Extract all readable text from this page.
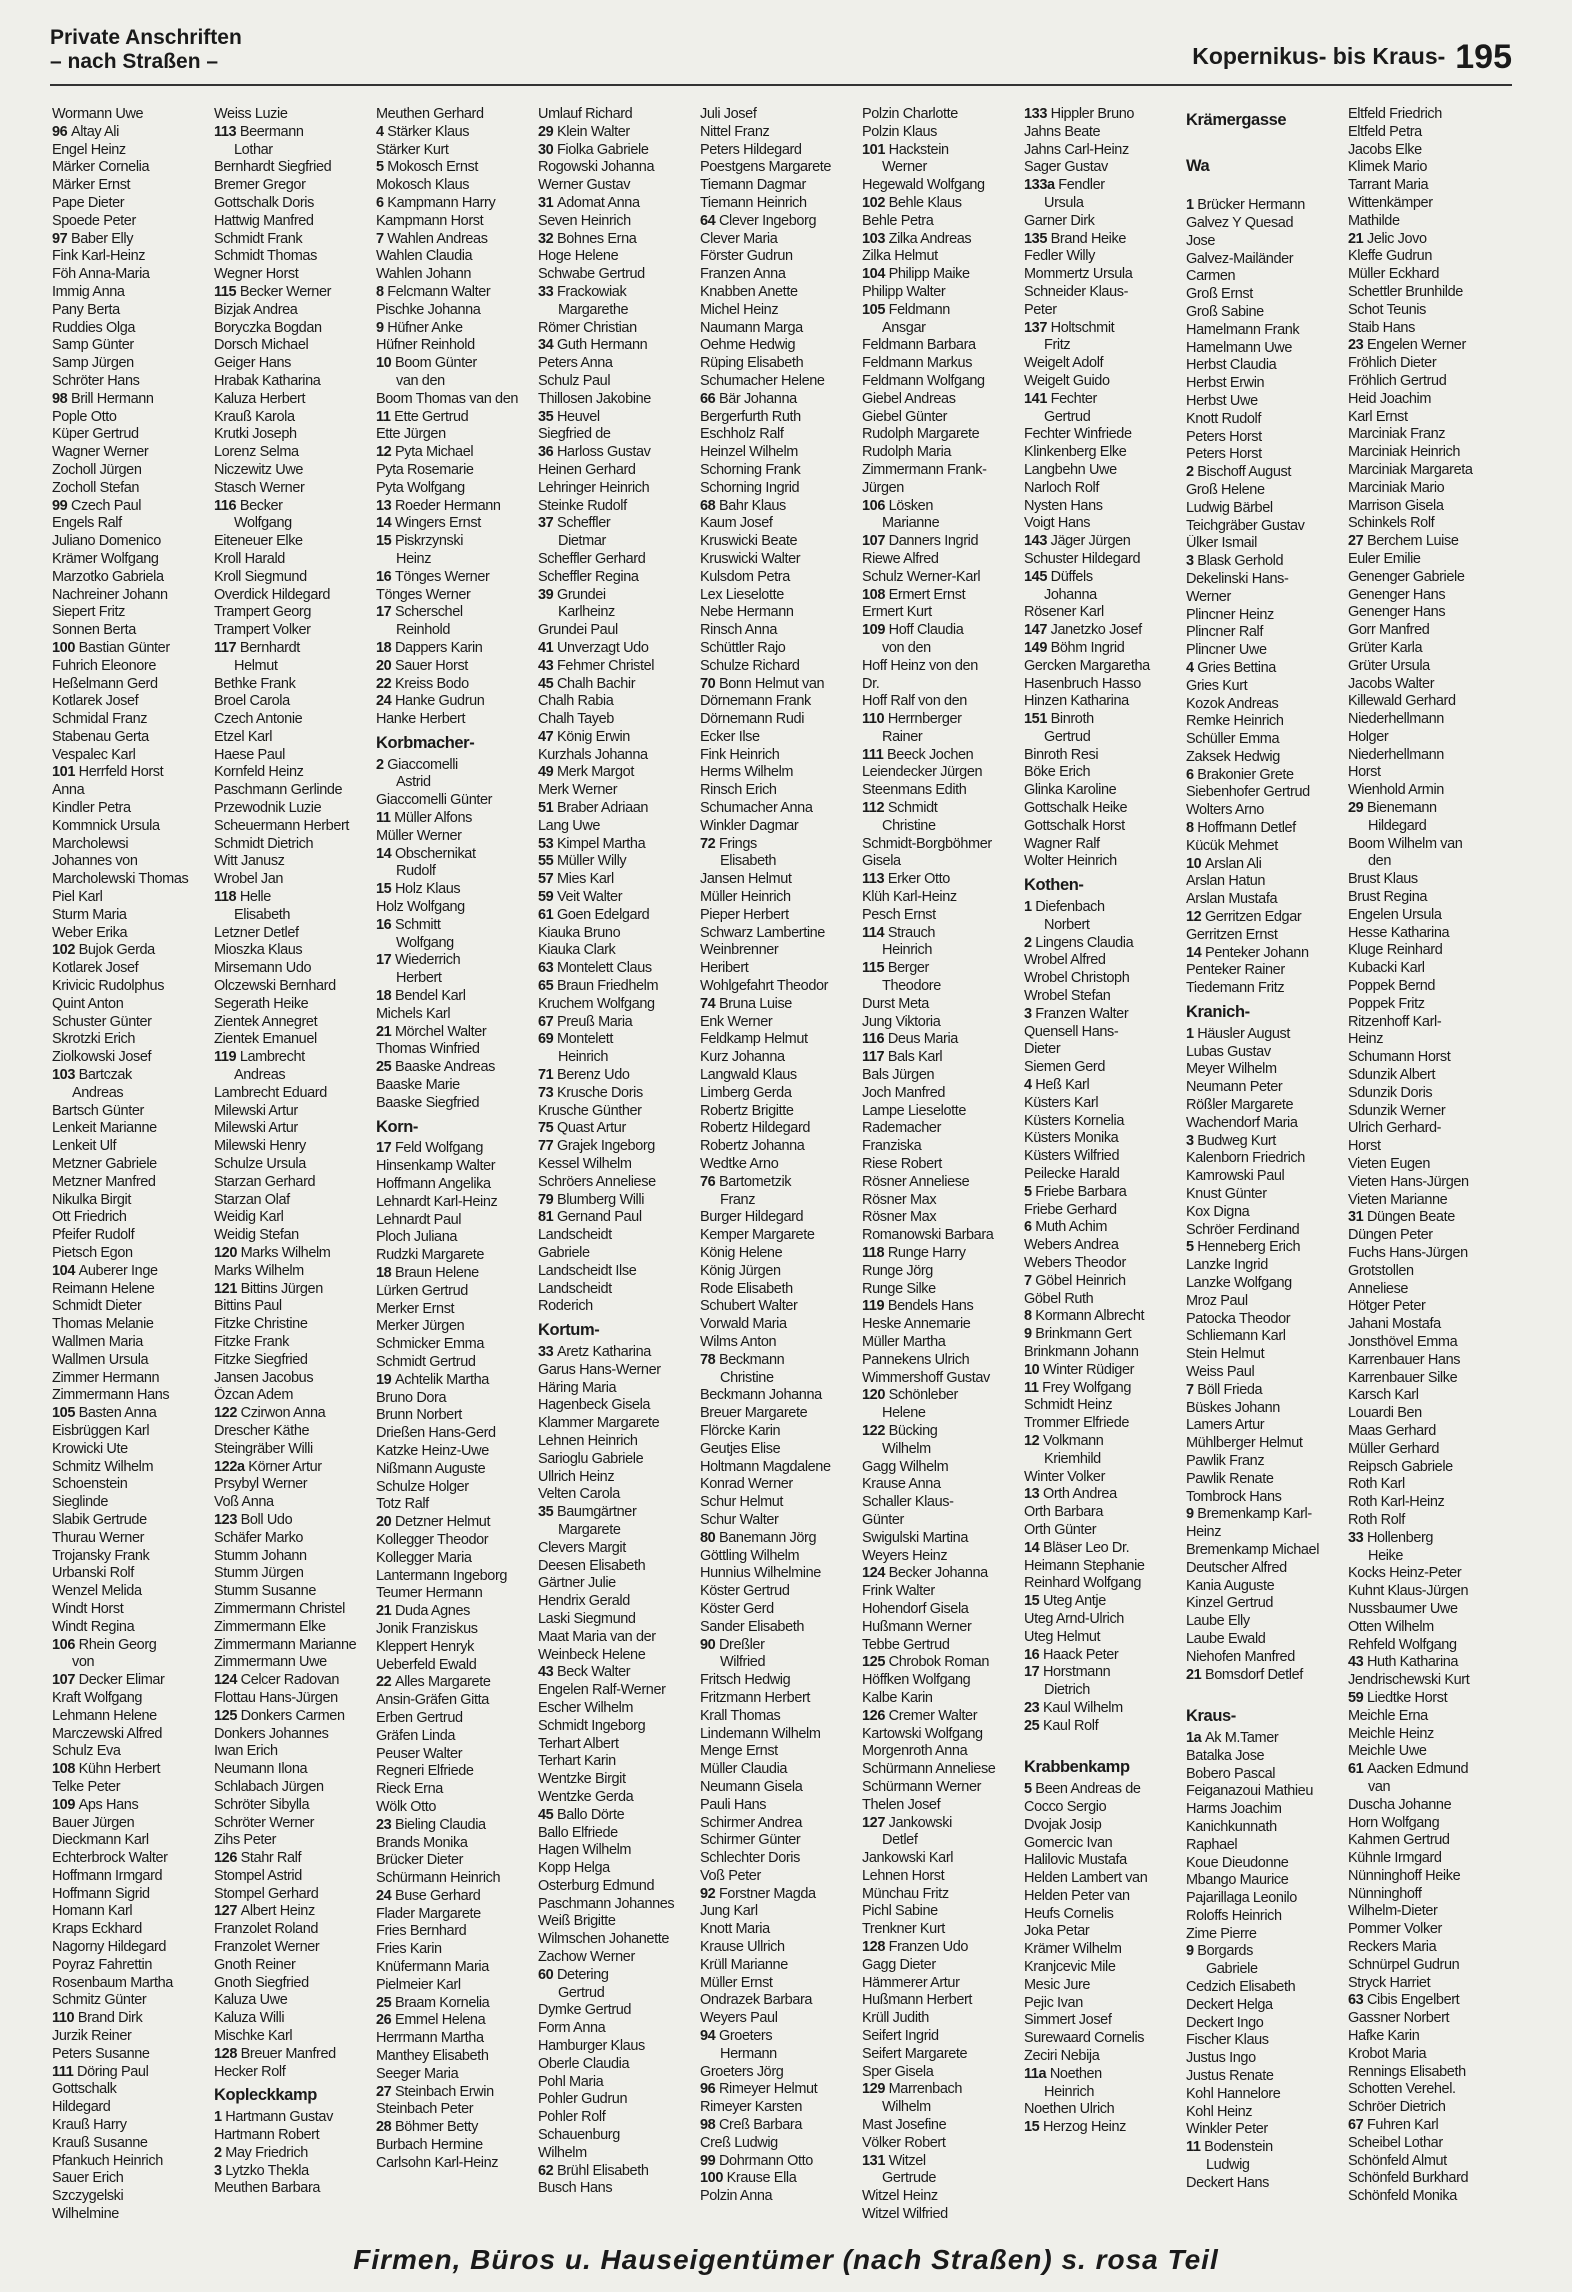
Private Anschriften
– nach Straßen –	Kopernikus- bis Kraus- 195
Wormann Uwe
96 Altay Ali
Engel Heinz
Märker Cornelia
Märker Ernst
Pape Dieter
Spoede Peter
97 Baber Elly
Fink Karl-Heinz
Föh Anna-Maria
Immig Anna
Pany Berta
Ruddies Olga
Samp Günter
Samp Jürgen
Schröter Hans
98 Brill Hermann
Pople Otto
Küper Gertrud
Wagner Werner
Zocholl Jürgen
Zocholl Stefan
99 Czech Paul
Engels Ralf
Juliano Domenico
Krämer Wolfgang
Marzotko Gabriela
Nachreiner Johann
Siepert Fritz
Sonnen Berta
100 Bastian Günter
Fuhrich Eleonore
Heßelmann Gerd
Kotlarek Josef
Schmidal Franz
Stabenau Gerta
Vespalec Karl
101 Herrfeld Horst
Anna
Kindler Petra
Kommnick Ursula
Marcholewsi
Johannes von
Marcholewski Thomas
Piel Karl
Sturm Maria
Weber Erika
102 Bujok Gerda
Kotlarek Josef
Krivicic Rudolphus
Quint Anton
Schuster Günter
Skrotzki Erich
Ziolkowski Josef
103 Bartczak
Andreas
Bartsch Günter
Lenkeit Marianne
Lenkeit Ulf
Metzner Gabriele
Metzner Manfred
Nikulka Birgit
Ott Friedrich
Pfeifer Rudolf
Pietsch Egon
104 Auberer Inge
Reimann Helene
Schmidt Dieter
Thomas Melanie
Wallmen Maria
Wallmen Ursula
Zimmer Hermann
Zimmermann Hans
105 Basten Anna
Eisbrüggen Karl
Krowicki Ute
Schmitz Wilhelm
Schoenstein
Sieglinde
Slabik Gertrude
Thurau Werner
Trojansky Frank
Urbanski Rolf
Wenzel Melida
Windt Horst
Windt Regina
106 Rhein Georg
von
107 Decker Elimar
Kraft Wolfgang
Lehmann Helene
Marczewski Alfred
Schulz Eva
108 Kühn Herbert
Telke Peter
109 Aps Hans
Bauer Jürgen
Dieckmann Karl
Echterbrock Walter
Hoffmann Irmgard
Hoffmann Sigrid
Homann Karl
Kraps Eckhard
Nagorny Hildegard
Poyraz Fahrettin
Rosenbaum Martha
Schmitz Günter
110 Brand Dirk
Jurzik Reiner
Peters Susanne
111 Döring Paul
Gottschalk
Hildegard
Krauß Harry
Krauß Susanne
Pfankuch Heinrich
Sauer Erich
Szczygelski
Wilhelmine
Weiss Luzie
113 Beermann
Lothar
Bernhardt Siegfried
Bremer Gregor
Gottschalk Doris
Hattwig Manfred
Schmidt Frank
Schmidt Thomas
Wegner Horst
115 Becker Werner
Bizjak Andrea
Boryczka Bogdan
Dorsch Michael
Geiger Hans
Hrabak Katharina
Kaluza Herbert
Krauß Karola
Krutki Joseph
Lorenz Selma
Niczewitz Uwe
Stasch Werner
116 Becker
Wolfgang
Eiteneuer Elke
Kroll Harald
Kroll Siegmund
Overdick Hildegard
Trampert Georg
Trampert Volker
117 Bernhardt
Helmut
Bethke Frank
Broel Carola
Czech Antonie
Etzel Karl
Haese Paul
Kornfeld Heinz
Paschmann Gerlinde
Przewodnik Luzie
Scheuermann Herbert
Schmidt Dietrich
Witt Janusz
Wrobel Jan
118 Helle
Elisabeth
Letzner Detlef
Mioszka Klaus
Mirsemann Udo
Olczewski Bernhard
Segerath Heike
Zientek Annegret
Zientek Emanuel
119 Lambrecht
Andreas
Lambrecht Eduard
Milewski Artur
Milewski Artur
Milewski Henry
Schulze Ursula
Starzan Gerhard
Starzan Olaf
Weidig Karl
Weidig Stefan
120 Marks Wilhelm
Marks Wilhelm
121 Bittins Jürgen
Bittins Paul
Fitzke Christine
Fitzke Frank
Fitzke Siegfried
Jansen Jacobus
Özcan Adem
122 Czirwon Anna
Drescher Käthe
Steingräber Willi
122a Körner Artur
Prsybyl Werner
Voß Anna
123 Boll Udo
Schäfer Marko
Stumm Johann
Stumm Jürgen
Stumm Susanne
Zimmermann Christel
Zimmermann Elke
Zimmermann Marianne
Zimmermann Uwe
124 Celcer Radovan
Flottau Hans-Jürgen
125 Donkers Carmen
Donkers Johannes
Iwan Erich
Neumann Ilona
Schlabach Jürgen
Schröter Sibylla
Schröter Werner
Zihs Peter
126 Stahr Ralf
Stompel Astrid
Stompel Gerhard
127 Albert Heinz
Franzolet Roland
Franzolet Werner
Gnoth Reiner
Gnoth Siegfried
Kaluza Uwe
Kaluza Willi
Mischke Karl
128 Breuer Manfred
Hecker Rolf
Kopleckkamp
1 Hartmann Gustav
Hartmann Robert
2 May Friedrich
3 Lytzko Thekla
Meuthen Barbara
Meuthen Gerhard
4 Stärker Klaus
Stärker Kurt
5 Mokosch Ernst
Mokosch Klaus
6 Kampmann Harry
Kampmann Horst
7 Wahlen Andreas
Wahlen Claudia
Wahlen Johann
8 Felcmann Walter
Pischke Johanna
9 Hüfner Anke
Hüfner Reinhold
10 Boom Günter
van den
Boom Thomas van den
11 Ette Gertrud
Ette Jürgen
12 Pyta Michael
Pyta Rosemarie
Pyta Wolfgang
13 Roeder Hermann
14 Wingers Ernst
15 Piskrzynski
Heinz
16 Tönges Werner
Tönges Werner
17 Scherschel
Reinhold
18 Dappers Karin
20 Sauer Horst
22 Kreiss Bodo
24 Hanke Gudrun
Hanke Herbert
Korbmacher-
2 Giaccomelli
Astrid
Giaccomelli Günter
11 Müller Alfons
Müller Werner
14 Obschernikat
Rudolf
15 Holz Klaus
Holz Wolfgang
16 Schmitt
Wolfgang
17 Wiederrich
Herbert
18 Bendel Karl
Michels Karl
21 Mörchel Walter
Thomas Winfried
25 Baaske Andreas
Baaske Marie
Baaske Siegfried
Korn-
17 Feld Wolfgang
Hinsenkamp Walter
Hoffmann Angelika
Lehnardt Karl-Heinz
Lehnardt Paul
Ploch Juliana
Rudzki Margarete
18 Braun Helene
Lürken Gertrud
Merker Ernst
Merker Jürgen
Schmicker Emma
Schmidt Gertrud
19 Achtelik Martha
Bruno Dora
Brunn Norbert
Drießen Hans-Gerd
Katzke Heinz-Uwe
Nißmann Auguste
Schulze Holger
Totz Ralf
20 Detzner Helmut
Kollegger Theodor
Kollegger Maria
Lantermann Ingeborg
Teumer Hermann
21 Duda Agnes
Jonik Franziskus
Kleppert Henryk
Ueberfeld Ewald
22 Alles Margarete
Ansin-Gräfen Gitta
Erben Gertrud
Gräfen Linda
Peuser Walter
Regneri Elfriede
Rieck Erna
Wölk Otto
23 Bieling Claudia
Brands Monika
Brücker Dieter
Schürmann Heinrich
24 Buse Gerhard
Flader Margarete
Fries Bernhard
Fries Karin
Knüfermann Maria
Pielmeier Karl
25 Braam Kornelia
26 Emmel Helena
Herrmann Martha
Manthey Elisabeth
Seeger Maria
27 Steinbach Erwin
Steinbach Peter
28 Böhmer Betty
Burbach Hermine
Carlsohn Karl-Heinz
Umlauf Richard
29 Klein Walter
30 Fiolka Gabriele
Rogowski Johanna
Werner Gustav
31 Adomat Anna
Seven Heinrich
32 Bohnes Erna
Hoge Helene
Schwabe Gertrud
33 Frackowiak
Margarethe
Römer Christian
34 Guth Hermann
Peters Anna
Schulz Paul
Thillosen Jakobine
35 Heuvel
Siegfried de
36 Harloss Gustav
Heinen Gerhard
Lehringer Heinrich
Steinke Rudolf
37 Scheffler
Dietmar
Scheffler Gerhard
Scheffler Regina
39 Grundei
Karlheinz
Grundei Paul
41 Unverzagt Udo
43 Fehmer Christel
45 Chalh Bachir
Chalh Rabia
Chalh Tayeb
47 König Erwin
Kurzhals Johanna
49 Merk Margot
Merk Werner
51 Braber Adriaan
Lang Uwe
53 Kimpel Martha
55 Müller Willy
57 Mies Karl
59 Veit Walter
61 Goen Edelgard
Kiauka Bruno
Kiauka Clark
63 Montelett Claus
65 Braun Friedhelm
Kruchem Wolfgang
67 Preuß Maria
69 Montelett
Heinrich
71 Berenz Udo
73 Krusche Doris
Krusche Günther
75 Quast Artur
77 Grajek Ingeborg
Kessel Wilhelm
Schröers Anneliese
79 Blumberg Willi
81 Gernand Paul
Landscheidt
Gabriele
Landscheidt Ilse
Landscheidt
Roderich
Kortum-
33 Aretz Katharina
Garus Hans-Werner
Häring Maria
Hagenbeck Gisela
Klammer Margarete
Lehnen Heinrich
Sarioglu Gabriele
Ullrich Heinz
Velten Carola
35 Baumgärtner
Margarete
Clevers Margit
Deesen Elisabeth
Gärtner Julie
Hendrix Gerald
Laski Siegmund
Maat Maria van der
Weinbeck Helene
43 Beck Walter
Engelen Ralf-Werner
Escher Wilhelm
Schmidt Ingeborg
Terhart Albert
Terhart Karin
Wentzke Birgit
Wentzke Gerda
45 Ballo Dörte
Ballo Elfriede
Hagen Wilhelm
Kopp Helga
Osterburg Edmund
Paschmann Johannes
Weiß Brigitte
Wilmschen Johanette
Zachow Werner
60 Detering
Gertrud
Dymke Gertrud
Form Anna
Hamburger Klaus
Oberle Claudia
Pohl Maria
Pohler Gudrun
Pohler Rolf
Schauenburg
Wilhelm
62 Brühl Elisabeth
Busch Hans
Juli Josef
Nittel Franz
Peters Hildegard
Poestgens Margarete
Tiemann Dagmar
Tiemann Heinrich
64 Clever Ingeborg
Clever Maria
Förster Gudrun
Franzen Anna
Knabben Anette
Michel Heinz
Naumann Marga
Oehme Hedwig
Rüping Elisabeth
Schumacher Helene
66 Bär Johanna
Bergerfurth Ruth
Eschholz Ralf
Heinzel Wilhelm
Schorning Frank
Schorning Ingrid
68 Bahr Klaus
Kaum Josef
Kruswicki Beate
Kruswicki Walter
Kulsdom Petra
Lex Lieselotte
Nebe Hermann
Rinsch Anna
Schüttler Rajo
Schulze Richard
70 Bonn Helmut van
Dörnemann Frank
Dörnemann Rudi
Ecker Ilse
Fink Heinrich
Herms Wilhelm
Rinsch Erich
Schumacher Anna
Winkler Dagmar
72 Frings
Elisabeth
Jansen Helmut
Müller Heinrich
Pieper Herbert
Schwarz Lambertine
Weinbrenner
Heribert
Wohlgefahrt Theodor
74 Bruna Luise
Enk Werner
Feldkamp Helmut
Kurz Johanna
Langwald Klaus
Limberg Gerda
Robertz Brigitte
Robertz Hildegard
Robertz Johanna
Wedtke Arno
76 Bartometzik
Franz
Burger Hildegard
Kemper Margarete
König Helene
König Jürgen
Rode Elisabeth
Schubert Walter
Vorwald Maria
Wilms Anton
78 Beckmann
Christine
Beckmann Johanna
Breuer Margarete
Flörcke Karin
Geutjes Elise
Holtmann Magdalene
Konrad Werner
Schur Helmut
Schur Walter
80 Banemann Jörg
Göttling Wilhelm
Hunnius Wilhelmine
Köster Gertrud
Köster Gerd
Sander Elisabeth
90 Dreßler
Wilfried
Fritsch Hedwig
Fritzmann Herbert
Krall Thomas
Lindemann Wilhelm
Menge Ernst
Müller Claudia
Neumann Gisela
Pauli Hans
Schirmer Andrea
Schirmer Günter
Schlechter Doris
Voß Peter
92 Forstner Magda
Jung Karl
Knott Maria
Krause Ullrich
Krüll Marianne
Müller Ernst
Ondrazek Barbara
Weyers Paul
94 Groeters
Hermann
Groeters Jörg
96 Rimeyer Helmut
Rimeyer Karsten
98 Creß Barbara
Creß Ludwig
99 Dohrmann Otto
100 Krause Ella
Polzin Anna
Polzin Charlotte
Polzin Klaus
101 Hackstein
Werner
Hegewald Wolfgang
102 Behle Klaus
Behle Petra
103 Zilka Andreas
Zilka Helmut
104 Philipp Maike
Philipp Walter
105 Feldmann
Ansgar
Feldmann Barbara
Feldmann Markus
Feldmann Wolfgang
Giebel Andreas
Giebel Günter
Rudolph Margarete
Rudolph Maria
Zimmermann Frank-
Jürgen
106 Lösken
Marianne
107 Danners Ingrid
Riewe Alfred
Schulz Werner-Karl
108 Ermert Ernst
Ermert Kurt
109 Hoff Claudia
von den
Hoff Heinz von den
Dr.
Hoff Ralf von den
110 Herrnberger
Rainer
111 Beeck Jochen
Leiendecker Jürgen
Steenmans Edith
112 Schmidt
Christine
Schmidt-Borgböhmer
Gisela
113 Erker Otto
Klüh Karl-Heinz
Pesch Ernst
114 Strauch
Heinrich
115 Berger
Theodore
Durst Meta
Jung Viktoria
116 Deus Maria
117 Bals Karl
Bals Jürgen
Joch Manfred
Lampe Lieselotte
Rademacher
Franziska
Riese Robert
Rösner Anneliese
Rösner Max
Rösner Max
Romanowski Barbara
118 Runge Harry
Runge Jörg
Runge Silke
119 Bendels Hans
Heske Annemarie
Müller Martha
Pannekens Ulrich
Wimmershoff Gustav
120 Schönleber
Helene
122 Bücking
Wilhelm
Gagg Wilhelm
Krause Anna
Schaller Klaus-
Günter
Swigulski Martina
Weyers Heinz
124 Becker Johanna
Frink Walter
Hohendorf Gisela
Hußmann Werner
Tebbe Gertrud
125 Chrobok Roman
Höffken Wolfgang
Kalbe Karin
126 Cremer Walter
Kartowski Wolfgang
Morgenroth Anna
Schürmann Anneliese
Schürmann Werner
Thelen Josef
127 Jankowski
Detlef
Jankowski Karl
Lehnen Horst
Münchau Fritz
Pichl Sabine
Trenkner Kurt
128 Franzen Udo
Gagg Dieter
Hämmerer Artur
Hußmann Herbert
Krüll Judith
Seifert Ingrid
Seifert Margarete
Sper Gisela
129 Marrenbach
Wilhelm
Mast Josefine
Völker Robert
131 Witzel
Gertrude
Witzel Heinz
Witzel Wilfried
133 Hippler Bruno
Jahns Beate
Jahns Carl-Heinz
Sager Gustav
133a Fendler
Ursula
Garner Dirk
135 Brand Heike
Fedler Willy
Mommertz Ursula
Schneider Klaus-
Peter
137 Holtschmit
Fritz
Weigelt Adolf
Weigelt Guido
141 Fechter
Gertrud
Fechter Winfriede
Klinkenberg Elke
Langbehn Uwe
Narloch Rolf
Nysten Hans
Voigt Hans
143 Jäger Jürgen
Schuster Hildegard
145 Düffels
Johanna
Rösener Karl
147 Janetzko Josef
149 Böhm Ingrid
Gercken Margaretha
Hasenbruch Hasso
Hinzen Katharina
151 Binroth
Gertrud
Binroth Resi
Böke Erich
Glinka Karoline
Gottschalk Heike
Gottschalk Horst
Wagner Ralf
Wolter Heinrich
Kothen-
1 Diefenbach
Norbert
2 Lingens Claudia
Wrobel Alfred
Wrobel Christoph
Wrobel Stefan
3 Franzen Walter
Quensell Hans-
Dieter
Siemen Gerd
4 Heß Karl
Küsters Karl
Küsters Kornelia
Küsters Monika
Küsters Wilfried
Peilecke Harald
5 Friebe Barbara
Friebe Gerhard
6 Muth Achim
Webers Andrea
Webers Theodor
7 Göbel Heinrich
Göbel Ruth
8 Kormann Albrecht
9 Brinkmann Gert
Brinkmann Johann
10 Winter Rüdiger
11 Frey Wolfgang
Schmidt Heinz
Trommer Elfriede
12 Volkmann
Kriemhild
Winter Volker
13 Orth Andrea
Orth Barbara
Orth Günter
14 Bläser Leo Dr.
Heimann Stephanie
Reinhard Wolfgang
15 Uteg Antje
Uteg Arnd-Ulrich
Uteg Helmut
16 Haack Peter
17 Horstmann
Dietrich
23 Kaul Wilhelm
25 Kaul Rolf

Krabbenkamp
5 Been Andreas de
Cocco Sergio
Dvojak Josip
Gomercic Ivan
Halilovic Mustafa
Helden Lambert van
Helden Peter van
Heufs Cornelis
Joka Petar
Krämer Wilhelm
Kranjcevic Mile
Mesic Jure
Pejic Ivan
Simmert Josef
Surewaard Cornelis
Zeciri Nebija
11a Noethen
Heinrich
Noethen Ulrich
15 Herzog Heinz
Krämergasse

Wa

1 Brücker Hermann
Galvez Y Quesad
Jose
Galvez-Mailänder
Carmen
Groß Ernst
Groß Sabine
Hamelmann Frank
Hamelmann Uwe
Herbst Claudia
Herbst Erwin
Herbst Uwe
Knott Rudolf
Peters Horst
Peters Horst
2 Bischoff August
Groß Helene
Ludwig Bärbel
Teichgräber Gustav
Ülker Ismail
3 Blask Gerhold
Dekelinski Hans-
Werner
Plincner Heinz
Plincner Ralf
Plincner Uwe
4 Gries Bettina
Gries Kurt
Kozok Andreas
Remke Heinrich
Schüller Emma
Zaksek Hedwig
6 Brakonier Grete
Siebenhofer Gertrud
Wolters Arno
8 Hoffmann Detlef
Kücük Mehmet
10 Arslan Ali
Arslan Hatun
Arslan Mustafa
12 Gerritzen Edgar
Gerritzen Ernst
14 Penteker Johann
Penteker Rainer
Tiedemann Fritz
Kranich-
1 Häusler August
Lubas Gustav
Meyer Wilhelm
Neumann Peter
Rößler Margarete
Wachendorf Maria
3 Budweg Kurt
Kalenborn Friedrich
Kamrowski Paul
Knust Günter
Kox Digna
Schröer Ferdinand
5 Henneberg Erich
Lanzke Ingrid
Lanzke Wolfgang
Mroz Paul
Patocka Theodor
Schliemann Karl
Stein Helmut
Weiss Paul
7 Böll Frieda
Büskes Johann
Lamers Artur
Mühlberger Helmut
Pawlik Franz
Pawlik Renate
Tombrock Hans
9 Bremenkamp Karl-
Heinz
Bremenkamp Michael
Deutscher Alfred
Kania Auguste
Kinzel Gertrud
Laube Elly
Laube Ewald
Niehofen Manfred
21 Bomsdorf Detlef

Kraus-
1a Ak M.Tamer
Batalka Jose
Bobero Pascal
Feiganazoui Mathieu
Harms Joachim
Kanichkunnath
Raphael
Koue Dieudonne
Mbango Maurice
Pajarillaga Leonilo
Roloffs Heinrich
Zime Pierre
9 Borgards
Gabriele
Cedzich Elisabeth
Deckert Helga
Deckert Ingo
Fischer Klaus
Justus Ingo
Justus Renate
Kohl Hannelore
Kohl Heinz
Winkler Peter
11 Bodenstein
Ludwig
Deckert Hans
Eltfeld Friedrich
Eltfeld Petra
Jacobs Elke
Klimek Mario
Tarrant Maria
Wittenkämper
Mathilde
21 Jelic Jovo
Kleffe Gudrun
Müller Eckhard
Schettler Brunhilde
Schot Teunis
Staib Hans
23 Engelen Werner
Fröhlich Dieter
Fröhlich Gertrud
Heid Joachim
Karl Ernst
Marciniak Franz
Marciniak Heinrich
Marciniak Margareta
Marciniak Mario
Marrison Gisela
Schinkels Rolf
27 Berchem Luise
Euler Emilie
Genenger Gabriele
Genenger Hans
Genenger Hans
Gorr Manfred
Grüter Karla
Grüter Ursula
Jacobs Walter
Killewald Gerhard
Niederhellmann
Holger
Niederhellmann
Horst
Wienhold Armin
29 Bienemann
Hildegard
Boom Wilhelm van
den
Brust Klaus
Brust Regina
Engelen Ursula
Hesse Katharina
Kluge Reinhard
Kubacki Karl
Poppek Bernd
Poppek Fritz
Ritzenhoff Karl-
Heinz
Schumann Horst
Sdunzik Albert
Sdunzik Doris
Sdunzik Werner
Ulrich Gerhard-
Horst
Vieten Eugen
Vieten Hans-Jürgen
Vieten Marianne
31 Düngen Beate
Düngen Peter
Fuchs Hans-Jürgen
Grotstollen
Anneliese
Hötger Peter
Jahani Mostafa
Jonsthövel Emma
Karrenbauer Hans
Karrenbauer Silke
Karsch Karl
Louardi Ben
Maas Gerhard
Müller Gerhard
Reipsch Gabriele
Roth Karl
Roth Karl-Heinz
Roth Rolf
33 Hollenberg
Heike
Kocks Heinz-Peter
Kuhnt Klaus-Jürgen
Nussbaumer Uwe
Otten Wilhelm
Rehfeld Wolfgang
43 Huth Katharina
Jendrischewski Kurt
59 Liedtke Horst
Meichle Erna
Meichle Heinz
Meichle Uwe
61 Aacken Edmund
van
Duscha Johanne
Horn Wolfgang
Kahmen Gertrud
Kühnle Irmgard
Nünninghoff Heike
Nünninghoff
Wilhelm-Dieter
Pommer Volker
Reckers Maria
Schnürpel Gudrun
Stryck Harriet
63 Cibis Engelbert
Gassner Norbert
Hafke Karin
Krobot Maria
Rennings Elisabeth
Schotten Verehel.
Schröer Dietrich
67 Fuhren Karl
Scheibel Lothar
Schönfeld Almut
Schönfeld Burkhard
Schönfeld Monika
Firmen, Büros u. Hauseigentümer (nach Straßen) s. rosa Teil
